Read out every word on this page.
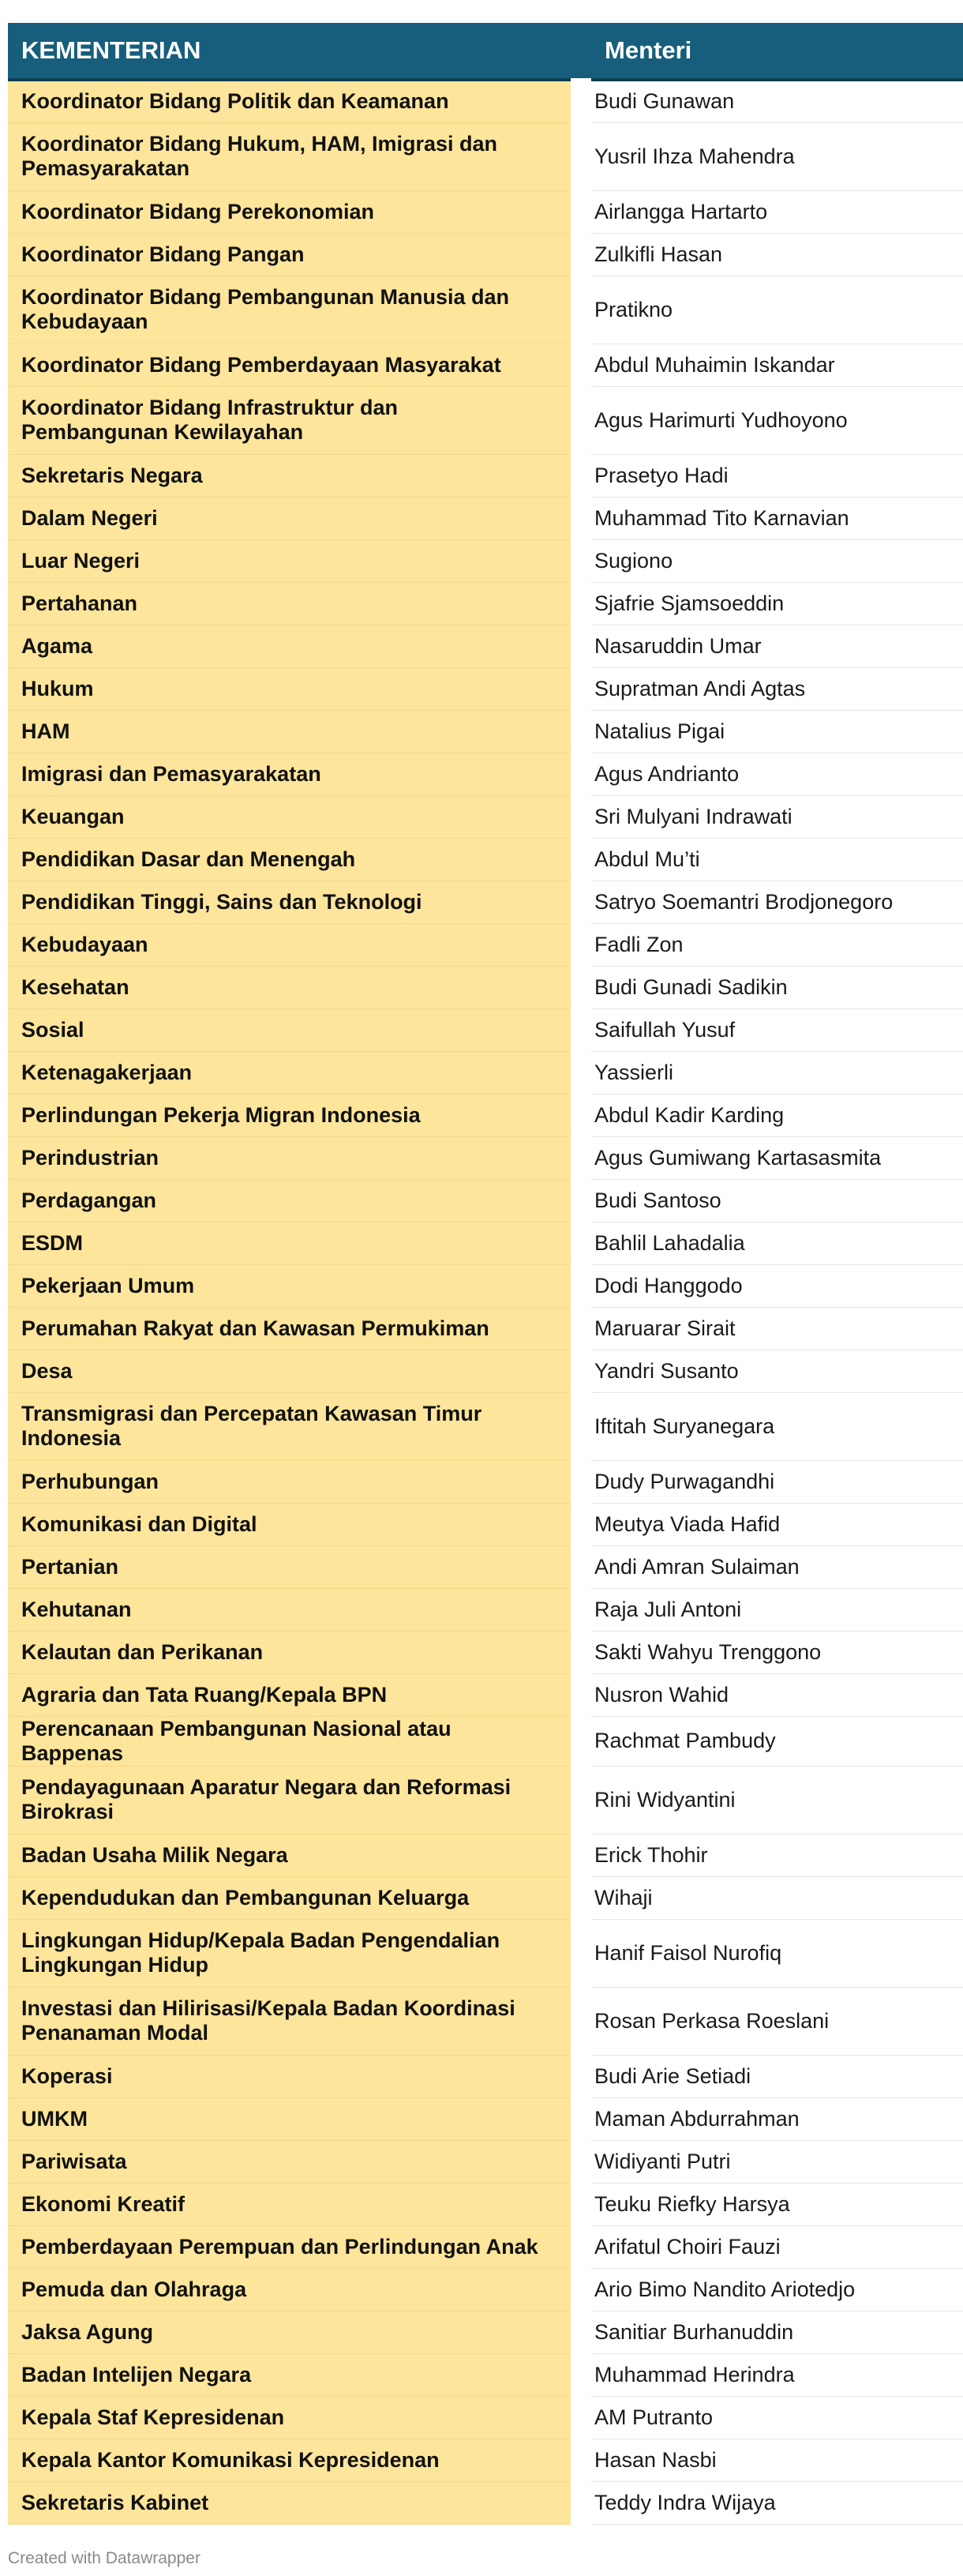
KEMENTERIAN	Menteri
Koordinator Bidang Politik dan Keamanan	Budi Gunawan
Koordinator Bidang Hukum, HAM, Imigrasi dan Pemasyarakatan	Yusril Ihza Mahendra
Koordinator Bidang Perekonomian	Airlangga Hartarto
Koordinator Bidang Pangan	Zulkifli Hasan
Koordinator Bidang Pembangunan Manusia dan Kebudayaan	Pratikno
Koordinator Bidang Pemberdayaan Masyarakat	Abdul Muhaimin Iskandar
Koordinator Bidang Infrastruktur dan Pembangunan Kewilayahan	Agus Harimurti Yudhoyono
Sekretaris Negara	Prasetyo Hadi
Dalam Negeri	Muhammad Tito Karnavian
Luar Negeri	Sugiono
Pertahanan	Sjafrie Sjamsoeddin
Agama	Nasaruddin Umar
Hukum	Supratman Andi Agtas
HAM	Natalius Pigai
Imigrasi dan Pemasyarakatan	Agus Andrianto
Keuangan	Sri Mulyani Indrawati
Pendidikan Dasar dan Menengah	Abdul Mu’ti
Pendidikan Tinggi, Sains dan Teknologi	Satryo Soemantri Brodjonegoro
Kebudayaan	Fadli Zon
Kesehatan	Budi Gunadi Sadikin
Sosial	Saifullah Yusuf
Ketenagakerjaan	Yassierli
Perlindungan Pekerja Migran Indonesia	Abdul Kadir Karding
Perindustrian	Agus Gumiwang Kartasasmita
Perdagangan	Budi Santoso
ESDM	Bahlil Lahadalia
Pekerjaan Umum	Dodi Hanggodo
Perumahan Rakyat dan Kawasan Permukiman	Maruarar Sirait
Desa	Yandri Susanto
Transmigrasi dan Percepatan Kawasan Timur Indonesia	Iftitah Suryanegara
Perhubungan	Dudy Purwagandhi
Komunikasi dan Digital	Meutya Viada Hafid
Pertanian	Andi Amran Sulaiman
Kehutanan	Raja Juli Antoni
Kelautan dan Perikanan	Sakti Wahyu Trenggono
Agraria dan Tata Ruang/Kepala BPN	Nusron Wahid
Perencanaan Pembangunan Nasional atau Bappenas	Rachmat Pambudy
Pendayagunaan Aparatur Negara dan Reformasi Birokrasi	Rini Widyantini
Badan Usaha Milik Negara	Erick Thohir
Kependudukan dan Pembangunan Keluarga	Wihaji
Lingkungan Hidup/Kepala Badan Pengendalian Lingkungan Hidup	Hanif Faisol Nurofiq
Investasi dan Hilirisasi/Kepala Badan Koordinasi Penanaman Modal	Rosan Perkasa Roeslani
Koperasi	Budi Arie Setiadi
UMKM	Maman Abdurrahman
Pariwisata	Widiyanti Putri
Ekonomi Kreatif	Teuku Riefky Harsya
Pemberdayaan Perempuan dan Perlindungan Anak	Arifatul Choiri Fauzi
Pemuda dan Olahraga	Ario Bimo Nandito Ariotedjo
Jaksa Agung	Sanitiar Burhanuddin
Badan Intelijen Negara	Muhammad Herindra
Kepala Staf Kepresidenan	AM Putranto
Kepala Kantor Komunikasi Kepresidenan	Hasan Nasbi
Sekretaris Kabinet	Teddy Indra Wijaya
Created with Datawrapper
